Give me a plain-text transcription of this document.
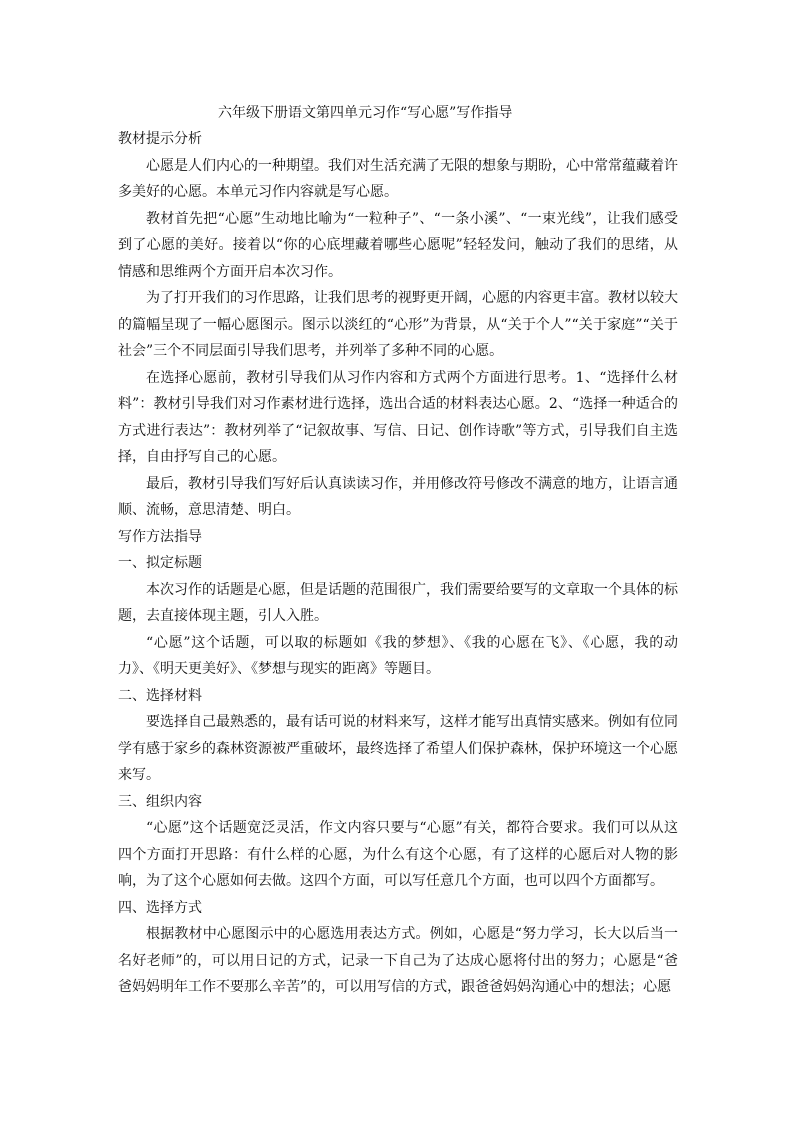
六年级下册语文第四单元习作“写心愿”写作指导
教材提示分析

心愿是人们内心的一种期望。我们对生活充满了无限的想象与期盼，心中常常蕴藏着许多美好的心愿。本单元习作内容就是写心愿。

教材首先把“心愿”生动地比喻为“一粒种子”、“一条小溪”、“一束光线”，让我们感受到了心愿的美好。接着以“你的心底埋藏着哪些心愿呢”轻轻发问，触动了我们的思绪，从情感和思维两个方面开启本次习作。

为了打开我们的习作思路，让我们思考的视野更开阔，心愿的内容更丰富。教材以较大的篇幅呈现了一幅心愿图示。图示以淡红的“心形”为背景，从“关于个人”“关于家庭”“关于社会”三个不同层面引导我们思考，并列举了多种不同的心愿。

在选择心愿前，教材引导我们从习作内容和方式两个方面进行思考。1、“选择什么材料”：教材引导我们对习作素材进行选择，选出合适的材料表达心愿。2、“选择一种适合的方式进行表达”：教材列举了“记叙故事、写信、日记、创作诗歌”等方式，引导我们自主选择，自由抒写自己的心愿。

最后，教材引导我们写好后认真读读习作，并用修改符号修改不满意的地方，让语言通顺、流畅，意思清楚、明白。

写作方法指导
一、拟定标题

本次习作的话题是心愿，但是话题的范围很广，我们需要给要写的文章取一个具体的标题，去直接体现主题，引人入胜。

“心愿”这个话题，可以取的标题如《我的梦想》、《我的心愿在飞》、《心愿，我的动力》、《明天更美好》、《梦想与现实的距离》等题目。

二、选择材料

要选择自己最熟悉的，最有话可说的材料来写，这样才能写出真情实感来。例如有位同学有感于家乡的森林资源被严重破坏，最终选择了希望人们保护森林，保护环境这一个心愿来写。

三、组织内容

“心愿”这个话题宽泛灵活，作文内容只要与“心愿”有关，都符合要求。我们可以从这四个方面打开思路：有什么样的心愿，为什么有这个心愿，有了这样的心愿后对人物的影响，为了这个心愿如何去做。这四个方面，可以写任意几个方面，也可以四个方面都写。

四、选择方式

根据教材中心愿图示中的心愿选用表达方式。例如，心愿是“努力学习，长大以后当一名好老师”的，可以用日记的方式，记录一下自己为了达成心愿将付出的努力；心愿是“爸爸妈妈明年工作不要那么辛苦”的，可以用写信的方式，跟爸爸妈妈沟通心中的想法；心愿
